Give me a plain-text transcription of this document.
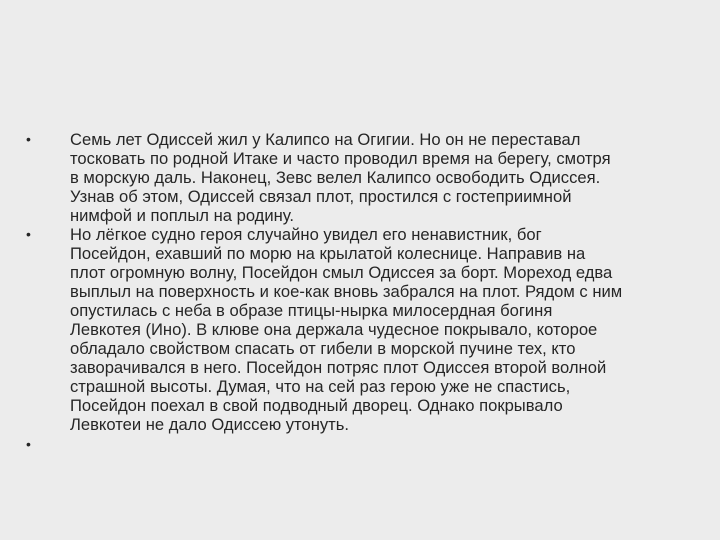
•	Семь лет Одиссей жил у Калипсо на Огигии. Но он не переставал
тосковать по родной Итаке и часто проводил время на берегу, смотря
в морскую даль. Наконец, Зевс велел Калипсо освободить Одиссея.
Узнав об этом, Одиссей связал плот, простился с гостеприимной
нимфой и поплыл на родину.
•	Но лёгкое судно героя случайно увидел его ненавистник, бог
Посейдон, ехавший по морю на крылатой колеснице. Направив на
плот огромную волну, Посейдон смыл Одиссея за борт. Мореход едва
выплыл на поверхность и кое-как вновь забрался на плот. Рядом с ним
опустилась с неба в образе птицы-нырка милосердная богиня
Левкотея (Ино). В клюве она держала чудесное покрывало, которое
обладало свойством спасать от гибели в морской пучине тех, кто
заворачивался в него. Посейдон потряс плот Одиссея второй волной
страшной высоты. Думая, что на сей раз герою уже не спастись,
Посейдон поехал в свой подводный дворец. Однако покрывало
Левкотеи не дало Одиссею утонуть.
•
